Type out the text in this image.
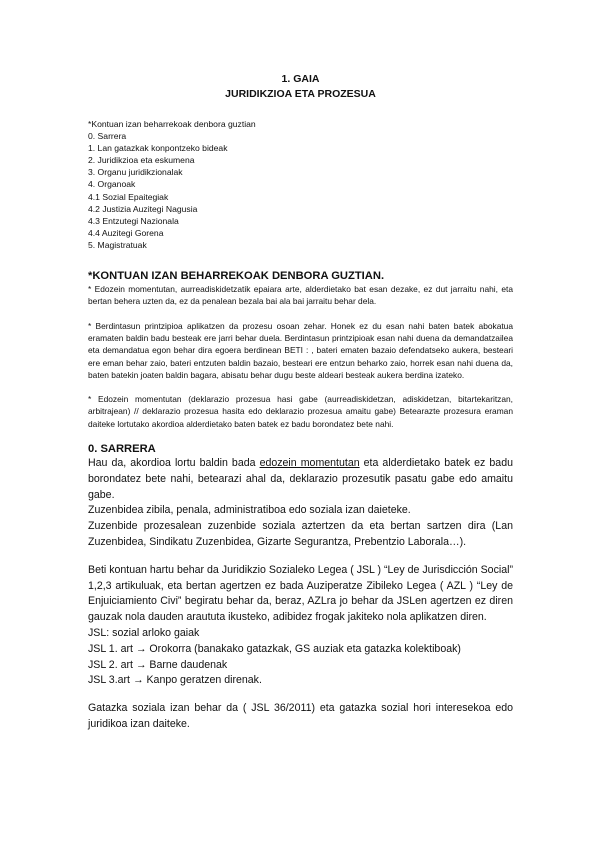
1. GAIA
JURIDIKZIOA ETA PROZESUA
*Kontuan izan beharrekoak denbora guztian
0. Sarrera
1. Lan gatazkak konpontzeko bideak
2. Juridikzioa eta eskumena
3. Organu juridikzionalak
4. Organoak
4.1 Sozial Epaitegiak
4.2 Justizia Auzitegi Nagusia
4.3 Entzutegi Nazionala
4.4 Auzitegi Gorena
5. Magistratuak
*KONTUAN IZAN BEHARREKOAK DENBORA GUZTIAN.
* Edozein momentutan, aurreadiskidetzatik epaiara arte, alderdietako bat esan dezake, ez dut jarraitu nahi, eta bertan behera uzten da, ez da penalean bezala bai ala bai jarraitu behar dela.
* Berdintasun printzipioa aplikatzen da prozesu osoan zehar. Honek ez du esan nahi baten batek abokatua eramaten baldin badu besteak ere jarri behar duela. Berdintasun printzipioak esan nahi duena da demandatzailea eta demandatua egon behar dira egoera berdinean BETI : , bateri ematen bazaio defendatseko aukera, besteari ere eman behar zaio, bateri entzuten baldin bazaio, besteari ere entzun beharko zaio, horrek esan nahi duena da, baten batekin joaten baldin bagara, abisatu behar dugu beste aldeari besteak aukera berdina izateko.
* Edozein momentutan (deklarazio prozesua hasi gabe (aurreadiskidetzan, adiskidetzan, bitartekaritzan, arbitrajean) // deklarazio prozesua hasita edo deklarazio prozesua amaitu gabe) Betearazte prozesura eraman daiteke lortutako akordioa alderdietako baten batek ez badu borondatez bete nahi.
0. SARRERA
Hau da, akordioa lortu baldin bada edozein momentutan eta alderdietako batek ez badu borondatez bete nahi, betearazi ahal da, deklarazio prozesutik pasatu gabe edo amaitu gabe.
Zuzenbidea zibila, penala, administratiboa edo soziala izan daieteke.
Zuzenbide prozesalean zuzenbide soziala aztertzen da eta bertan sartzen dira (Lan Zuzenbidea, Sindikatu Zuzenbidea, Gizarte Segurantza, Prebentzio Laborala…).
Beti kontuan hartu behar da Juridikzio Sozialeko Legea ( JSL ) “Ley de Jurisdicción Social” 1,2,3 artikuluak, eta bertan agertzen ez bada Auziperatze Zibileko Legea ( AZL ) “Ley de Enjuiciamiento Civi” begiratu behar da, beraz, AZLra jo behar da JSLen agertzen ez diren gauzak nola dauden araututa ikusteko, adibidez frogak jakiteko nola aplikatzen diren.
JSL: sozial arloko gaiak
JSL 1. art → Orokorra (banakako gatazkak, GS auziak eta gatazka kolektiboak)
JSL 2. art → Barne daudenak
JSL 3.art → Kanpo geratzen direnak.
Gatazka soziala izan behar da ( JSL 36/2011) eta gatazka sozial hori interesekoa edo juridikoa izan daiteke.
